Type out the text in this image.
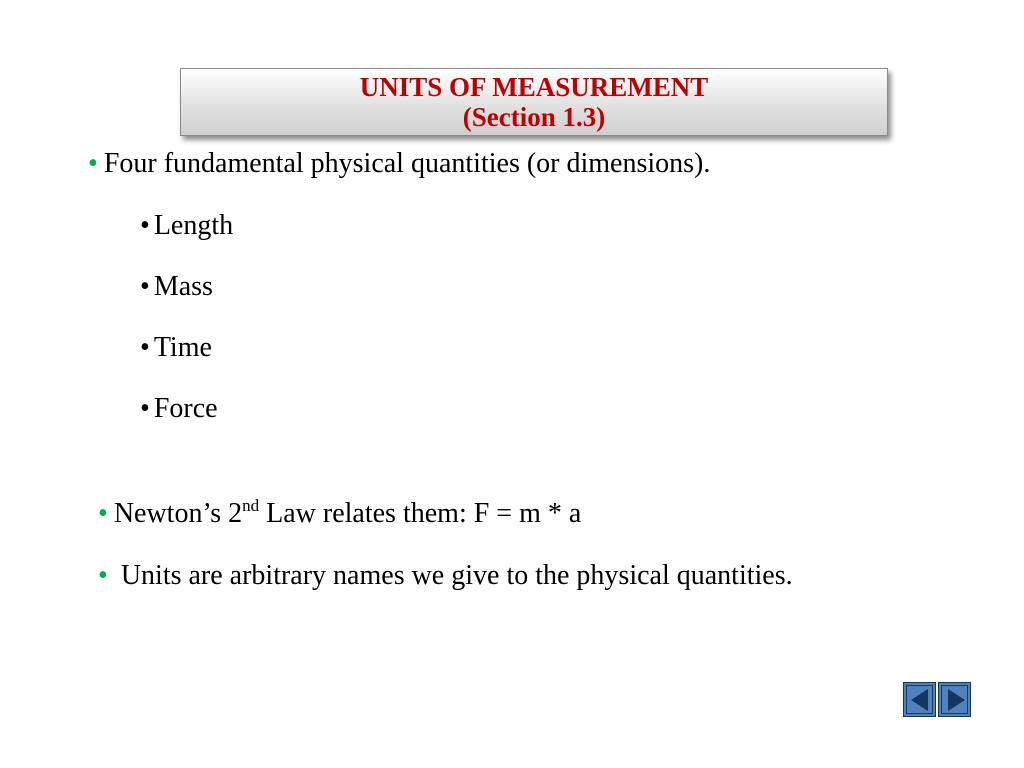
UNITS OF MEASUREMENT
(Section 1.3)
• Four fundamental physical quantities (or dimensions).
• Length
• Mass
• Time
• Force
• Newton’s 2nd Law relates them: F = m * a
• Units are arbitrary names we give to the physical quantities.
